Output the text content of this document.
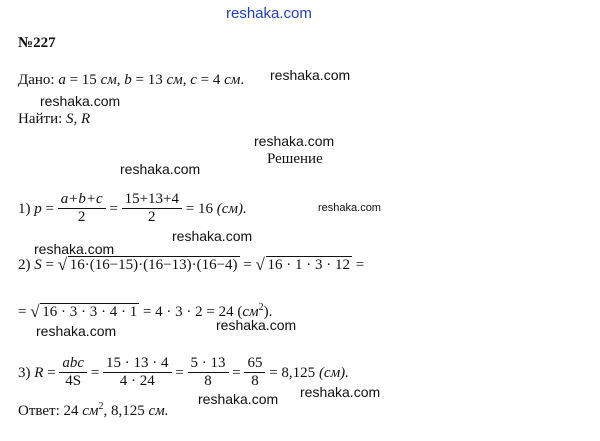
reshaka.com
reshaka.com
reshaka.com
reshaka.com
reshaka.com
reshaka.com
reshaka.com
reshaka.com
reshaka.com	reshaka.com
reshaka.com reshaka.com
№227
Дано: a = 15 см, b = 13 см, c = 4 см.
Найти: S, R
Решение
1) $p = \frac{a+b+c}{2} = \frac{15+13+4}{2} = 16$ (см).
2) S = √ 16·(16−15)·(16−13)·(16−4) = √ 16 · 1 · 3 · 12 =
= √ 16 · 3 · 3 · 4 · 1 = 4 · 3 · 2 = 24 $(см^2)$.
3) $R = \frac{\text{abc}}{4S} = \frac{15 \cdot 13 \cdot 4}{4 \cdot 24} = \frac{5 \cdot 13}{8} = \frac{65}{8} = 8,125$ (см).
Ответ: 24 $см^2$, 8,125 см.
